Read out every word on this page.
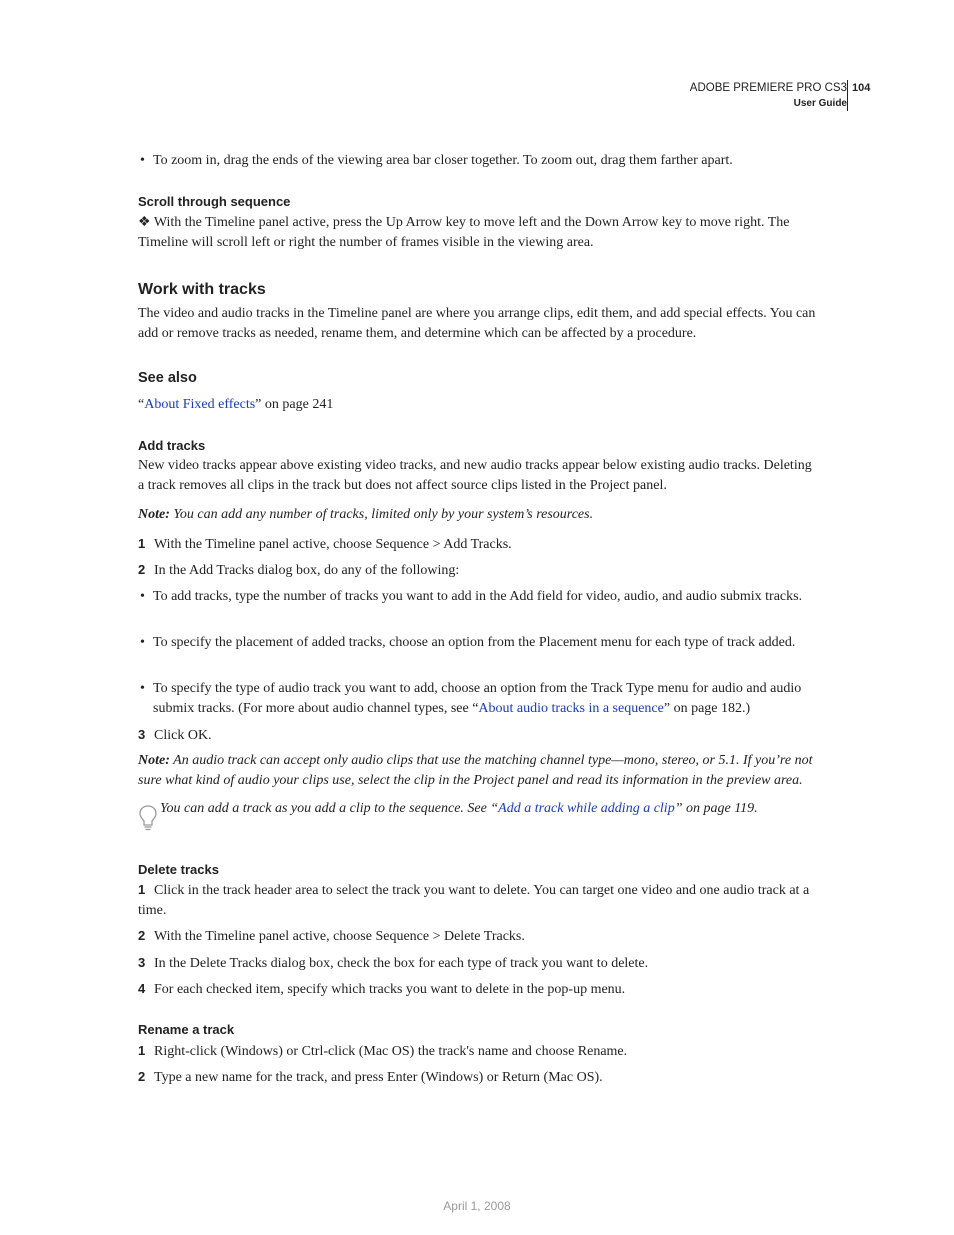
ADOBE PREMIERE PRO CS3
User Guide
104
• To zoom in, drag the ends of the viewing area bar closer together. To zoom out, drag them farther apart.
Scroll through sequence
❖ With the Timeline panel active, press the Up Arrow key to move left and the Down Arrow key to move right. The Timeline will scroll left or right the number of frames visible in the viewing area.
Work with tracks
The video and audio tracks in the Timeline panel are where you arrange clips, edit them, and add special effects. You can add or remove tracks as needed, rename them, and determine which can be affected by a procedure.
See also
“About Fixed effects” on page 241
Add tracks
New video tracks appear above existing video tracks, and new audio tracks appear below existing audio tracks. Deleting a track removes all clips in the track but does not affect source clips listed in the Project panel.
Note: You can add any number of tracks, limited only by your system’s resources.
1 With the Timeline panel active, choose Sequence > Add Tracks.
2 In the Add Tracks dialog box, do any of the following:
• To add tracks, type the number of tracks you want to add in the Add field for video, audio, and audio submix tracks.
• To specify the placement of added tracks, choose an option from the Placement menu for each type of track added.
• To specify the type of audio track you want to add, choose an option from the Track Type menu for audio and audio submix tracks. (For more about audio channel types, see “About audio tracks in a sequence” on page 182.)
3 Click OK.
Note: An audio track can accept only audio clips that use the matching channel type—mono, stereo, or 5.1. If you’re not sure what kind of audio your clips use, select the clip in the Project panel and read its information in the preview area.
You can add a track as you add a clip to the sequence. See “Add a track while adding a clip” on page 119.
Delete tracks
1 Click in the track header area to select the track you want to delete. You can target one video and one audio track at a time.
2 With the Timeline panel active, choose Sequence > Delete Tracks.
3 In the Delete Tracks dialog box, check the box for each type of track you want to delete.
4 For each checked item, specify which tracks you want to delete in the pop-up menu.
Rename a track
1 Right-click (Windows) or Ctrl-click (Mac OS) the track's name and choose Rename.
2 Type a new name for the track, and press Enter (Windows) or Return (Mac OS).
April 1, 2008
